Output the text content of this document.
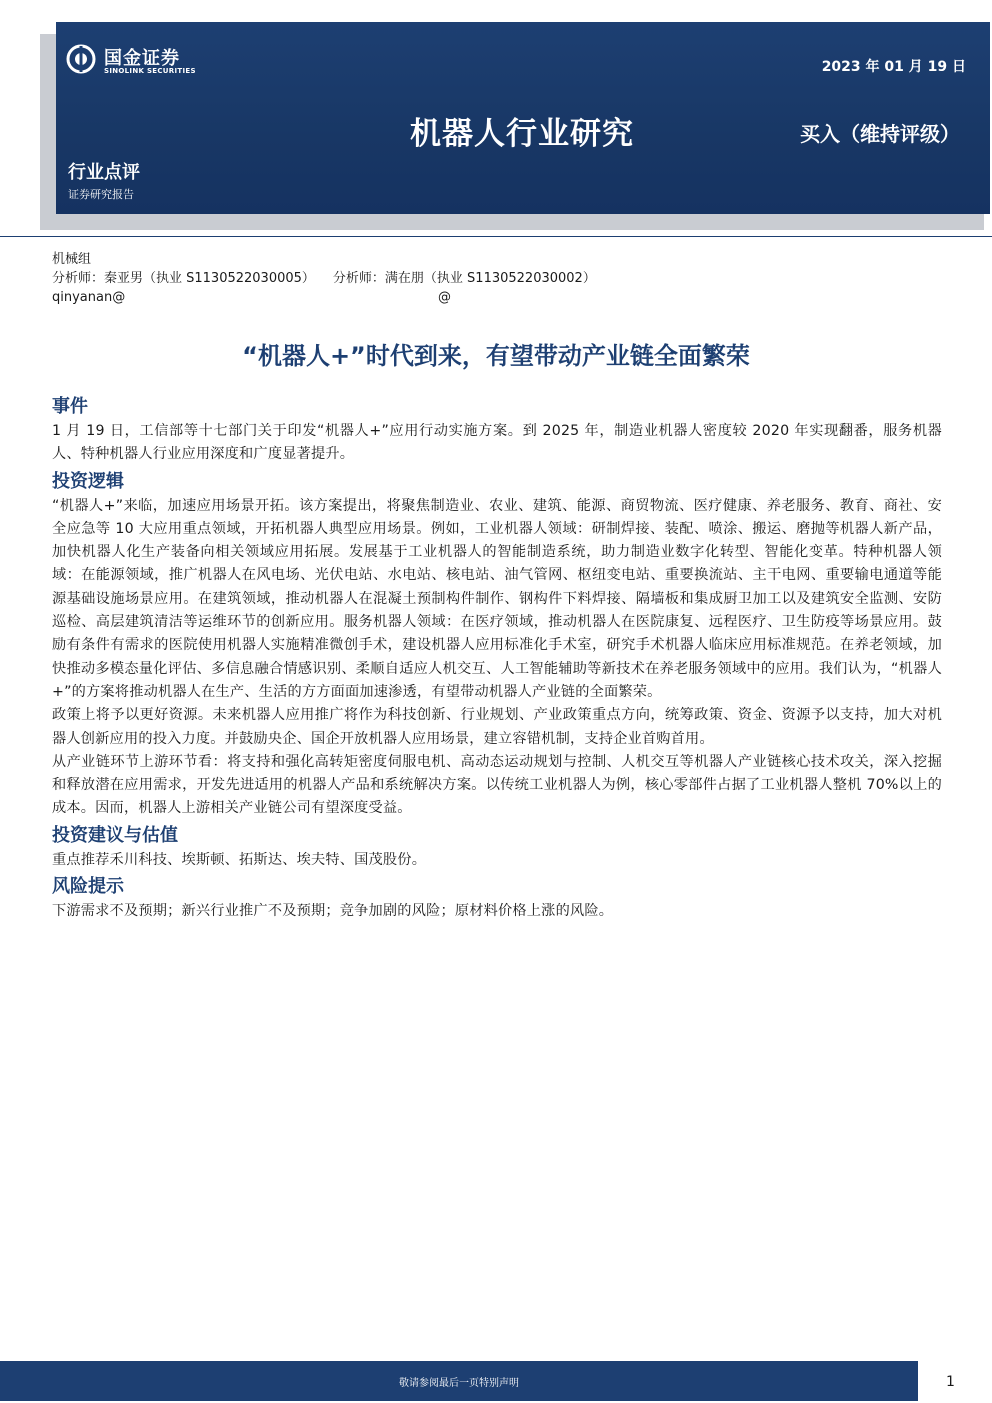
国金证券
SINOLINK SECURITIES	2023 年 01 月 19 日
机器人行业研究	买入（维持评级）
行业点评
证券研究报告
机械组
分析师：秦亚男（执业 S1130522030005） 分析师：满在朋（执业 S1130522030002）
qinyanan@	@
“机器人+”时代到来，有望带动产业链全面繁荣
事件

1 月 19 日，工信部等十七部门关于印发“机器人+”应用行动实施方案。到 2025 年，制造业机器人密度较 2020 年实现翻番，服务机器人、特种机器人行业应用深度和广度显著提升。

投资逻辑

“机器人+”来临，加速应用场景开拓。该方案提出，将聚焦制造业、农业、建筑、能源、商贸物流、医疗健康、养老服务、教育、商社、安全应急等 10 大应用重点领域，开拓机器人典型应用场景。例如，工业机器人领域：研制焊接、装配、喷涂、搬运、磨抛等机器人新产品，加快机器人化生产装备向相关领域应用拓展。发展基于工业机器人的智能制造系统，助力制造业数字化转型、智能化变革。特种机器人领域：在能源领域，推广机器人在风电场、光伏电站、水电站、核电站、油气管网、枢纽变电站、重要换流站、主干电网、重要输电通道等能源基础设施场景应用。在建筑领域，推动机器人在混凝土预制构件制作、钢构件下料焊接、隔墙板和集成厨卫加工以及建筑安全监测、安防巡检、高层建筑清洁等运维环节的创新应用。服务机器人领域：在医疗领域，推动机器人在医院康复、远程医疗、卫生防疫等场景应用。鼓励有条件有需求的医院使用机器人实施精准微创手术，建设机器人应用标准化手术室，研究手术机器人临床应用标准规范。在养老领域，加快推动多模态量化评估、多信息融合情感识别、柔顺自适应人机交互、人工智能辅助等新技术在养老服务领域中的应用。我们认为，“机器人+”的方案将推动机器人在生产、生活的方方面面加速渗透，有望带动机器人产业链的全面繁荣。

政策上将予以更好资源。未来机器人应用推广将作为科技创新、行业规划、产业政策重点方向，统筹政策、资金、资源予以支持，加大对机器人创新应用的投入力度。并鼓励央企、国企开放机器人应用场景，建立容错机制，支持企业首购首用。

从产业链环节上游环节看：将支持和强化高转矩密度伺服电机、高动态运动规划与控制、人机交互等机器人产业链核心技术攻关，深入挖掘和释放潜在应用需求，开发先进适用的机器人产品和系统解决方案。以传统工业机器人为例，核心零部件占据了工业机器人整机 70%以上的成本。因而，机器人上游相关产业链公司有望深度受益。

投资建议与估值

重点推荐禾川科技、埃斯顿、拓斯达、埃夫特、国茂股份。

风险提示

下游需求不及预期；新兴行业推广不及预期；竞争加剧的风险；原材料价格上涨的风险。

敬请参阅最后一页特别声明	1
